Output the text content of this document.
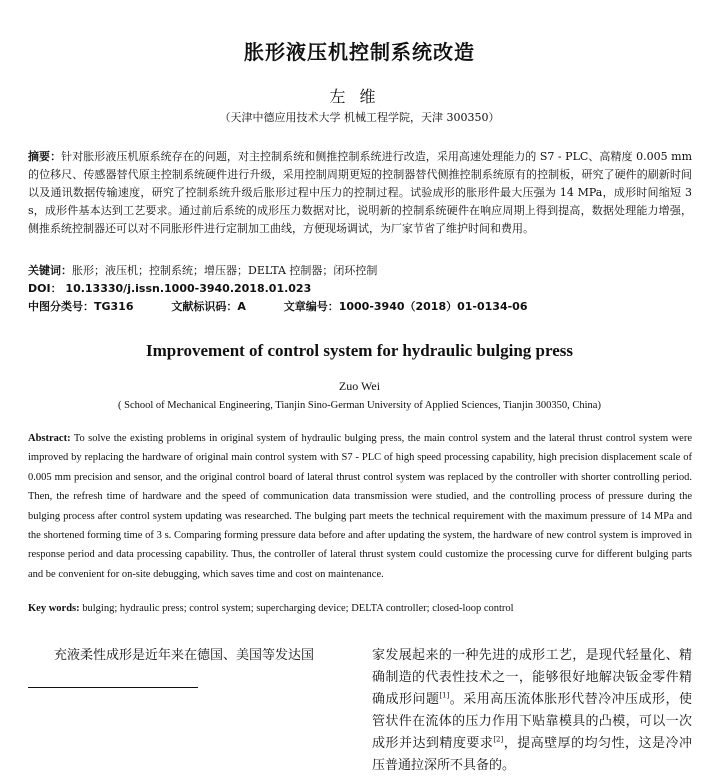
胀形液压机控制系统改造
左维
（天津中德应用技术大学 机械工程学院，天津 300350）
摘要：针对胀形液压机原系统存在的问题，对主控制系统和侧推控制系统进行改造，采用高速处理能力的 S7 - PLC、高精度 0.005 mm 的位移尺、传感器替代原主控制系统硬件进行升级，采用控制周期更短的控制器替代侧推控制系统原有的控制板，研究了硬件的刷新时间以及通讯数据传输速度，研究了控制系统升级后胀形过程中压力的控制过程。试验成形的胀形件最大压强为 14 MPa，成形时间缩短 3 s，成形件基本达到工艺要求。通过前后系统的成形压力数据对比，说明新的控制系统硬件在响应周期上得到提高，数据处理能力增强，侧推系统控制器还可以对不同胀形件进行定制加工曲线，方便现场调试，为厂家节省了维护时间和费用。
关键词：胀形；液压机；控制系统；增压器；DELTA 控制器；闭环控制
DOI： 10.13330/j.issn.1000-3940.2018.01.023
中图分类号：TG316	文献标识码：A	文章编号：1000-3940（2018）01-0134-06
Improvement of control system for hydraulic bulging press
Zuo Wei
( School of Mechanical Engineering, Tianjin Sino-German University of Applied Sciences, Tianjin 300350, China)
Abstract: To solve the existing problems in original system of hydraulic bulging press, the main control system and the lateral thrust control system were improved by replacing the hardware of original main control system with S7 - PLC of high speed processing capability, high precision displacement scale of 0.005 mm precision and sensor, and the original control board of lateral thrust control system was replaced by the controller with shorter controlling period. Then, the refresh time of hardware and the speed of communication data transmission were studied, and the controlling process of pressure during the bulging process after control system updating was researched. The bulging part meets the technical requirement with the maximum pressure of 14 MPa and the shortened forming time of 3 s. Comparing forming pressure data before and after updating the system, the hardware of new control system is improved in response period and data processing capability. Thus, the controller of lateral thrust system could customize the processing curve for different bulging parts and be convenient for on-site debugging, which saves time and cost on maintenance.
Key words: bulging; hydraulic press; control system; supercharging device; DELTA controller; closed-loop control
充液柔性成形是近年来在德国、美国等发达国	家发展起来的一种先进的成形工艺，是现代轻量化、精确制造的代表性技术之一，能够很好地解决钣金零件精确成形问题[1]。采用高压流体胀形代替冷冲压成形，使管状件在流体的压力作用下贴靠模具的凸模，可以一次成形并达到精度要求[2]，提高壁厚的均匀性，这是冷冲压普通拉深所不具备的。
